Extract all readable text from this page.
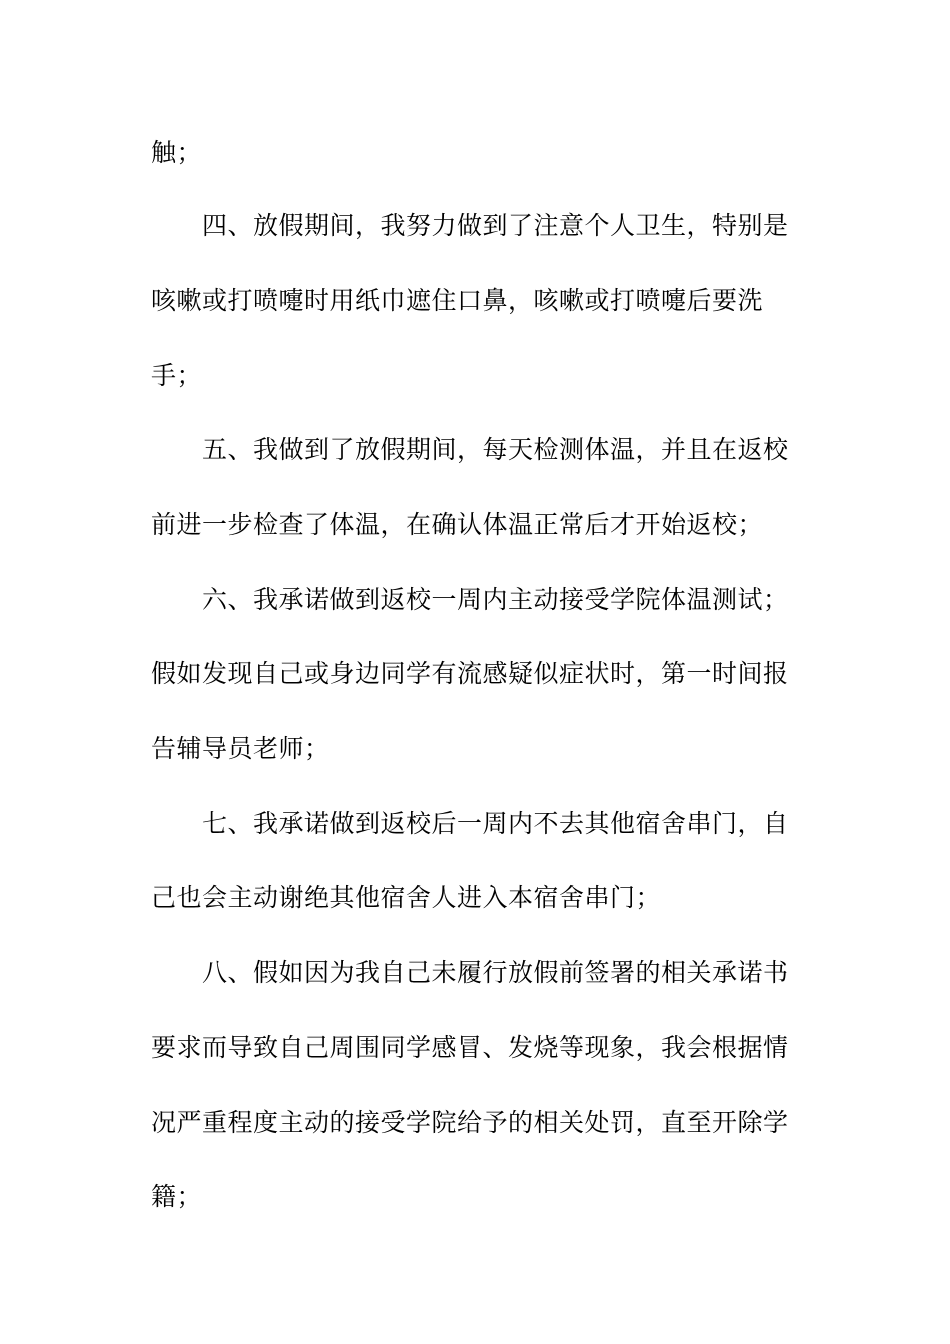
触；
四、放假期间，我努力做到了注意个人卫生，特别是
咳嗽或打喷嚏时用纸巾遮住口鼻，咳嗽或打喷嚏后要洗
手；
五、我做到了放假期间，每天检测体温，并且在返校
前进一步检查了体温，在确认体温正常后才开始返校；
六、我承诺做到返校一周内主动接受学院体温测试；
假如发现自己或身边同学有流感疑似症状时，第一时间报
告辅导员老师；
七、我承诺做到返校后一周内不去其他宿舍串门，自
己也会主动谢绝其他宿舍人进入本宿舍串门；
八、假如因为我自己未履行放假前签署的相关承诺书
要求而导致自己周围同学感冒、发烧等现象，我会根据情
况严重程度主动的接受学院给予的相关处罚，直至开除学
籍；
